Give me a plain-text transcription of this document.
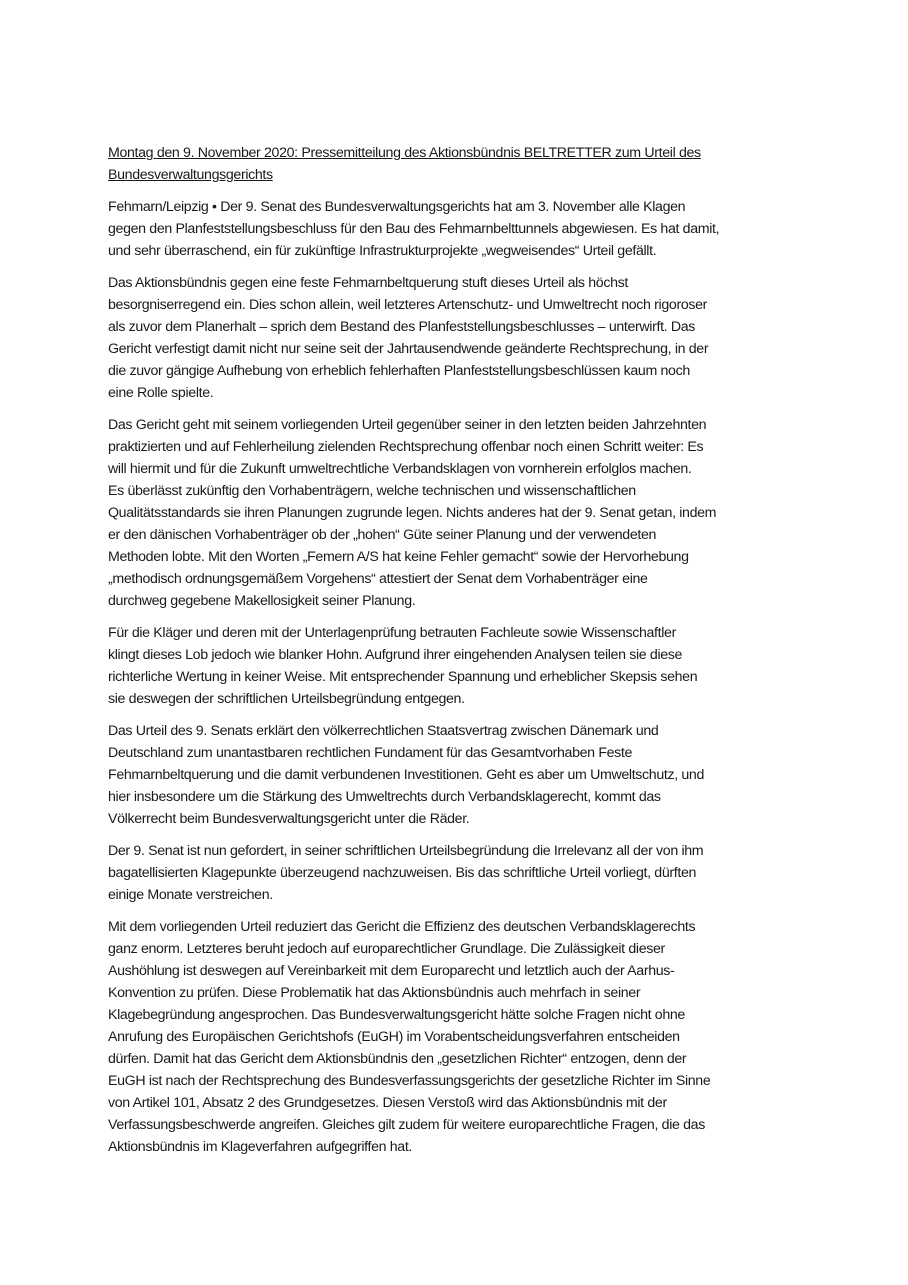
Montag den 9. November 2020: Pressemitteilung des Aktionsbündnis BELTRETTER zum Urteil des
Bundesverwaltungsgerichts

Fehmarn/Leipzig • Der 9. Senat des Bundesverwaltungsgerichts hat am 3. November alle Klagen
gegen den Planfeststellungsbeschluss für den Bau des Fehmarnbelttunnels abgewiesen. Es hat damit,
und sehr überraschend, ein für zukünftige Infrastrukturprojekte „wegweisendes“ Urteil gefällt.

Das Aktionsbündnis gegen eine feste Fehmarnbeltquerung stuft dieses Urteil als höchst
besorgniserregend ein. Dies schon allein, weil letzteres Artenschutz- und Umweltrecht noch rigoroser
als zuvor dem Planerhalt – sprich dem Bestand des Planfeststellungsbeschlusses – unterwirft. Das
Gericht verfestigt damit nicht nur seine seit der Jahrtausendwende geänderte Rechtsprechung, in der
die zuvor gängige Aufhebung von erheblich fehlerhaften Planfeststellungsbeschlüssen kaum noch
eine Rolle spielte.

Das Gericht geht mit seinem vorliegenden Urteil gegenüber seiner in den letzten beiden Jahrzehnten
praktizierten und auf Fehlerheilung zielenden Rechtsprechung offenbar noch einen Schritt weiter: Es
will hiermit und für die Zukunft umweltrechtliche Verbandsklagen von vornherein erfolglos machen.
Es überlässt zukünftig den Vorhabenträgern, welche technischen und wissenschaftlichen
Qualitätsstandards sie ihren Planungen zugrunde legen. Nichts anderes hat der 9. Senat getan, indem
er den dänischen Vorhabenträger ob der „hohen“ Güte seiner Planung und der verwendeten
Methoden lobte. Mit den Worten „Femern A/S hat keine Fehler gemacht“ sowie der Hervorhebung
„methodisch ordnungsgemäßem Vorgehens“ attestiert der Senat dem Vorhabenträger eine
durchweg gegebene Makellosigkeit seiner Planung.

Für die Kläger und deren mit der Unterlagenprüfung betrauten Fachleute sowie Wissenschaftler
klingt dieses Lob jedoch wie blanker Hohn. Aufgrund ihrer eingehenden Analysen teilen sie diese
richterliche Wertung in keiner Weise. Mit entsprechender Spannung und erheblicher Skepsis sehen
sie deswegen der schriftlichen Urteilsbegründung entgegen.

Das Urteil des 9. Senats erklärt den völkerrechtlichen Staatsvertrag zwischen Dänemark und
Deutschland zum unantastbaren rechtlichen Fundament für das Gesamtvorhaben Feste
Fehmarnbeltquerung und die damit verbundenen Investitionen. Geht es aber um Umweltschutz, und
hier insbesondere um die Stärkung des Umweltrechts durch Verbandsklagerecht, kommt das
Völkerrecht beim Bundesverwaltungsgericht unter die Räder.

Der 9. Senat ist nun gefordert, in seiner schriftlichen Urteilsbegründung die Irrelevanz all der von ihm
bagatellisierten Klagepunkte überzeugend nachzuweisen. Bis das schriftliche Urteil vorliegt, dürften
einige Monate verstreichen.

Mit dem vorliegenden Urteil reduziert das Gericht die Effizienz des deutschen Verbandsklagerechts
ganz enorm. Letzteres beruht jedoch auf europarechtlicher Grundlage. Die Zulässigkeit dieser
Aushöhlung ist deswegen auf Vereinbarkeit mit dem Europarecht und letztlich auch der Aarhus-
Konvention zu prüfen. Diese Problematik hat das Aktionsbündnis auch mehrfach in seiner
Klagebegründung angesprochen. Das Bundesverwaltungsgericht hätte solche Fragen nicht ohne
Anrufung des Europäischen Gerichtshofs (EuGH) im Vorabentscheidungsverfahren entscheiden
dürfen. Damit hat das Gericht dem Aktionsbündnis den „gesetzlichen Richter“ entzogen, denn der
EuGH ist nach der Rechtsprechung des Bundesverfassungsgerichts der gesetzliche Richter im Sinne
von Artikel 101, Absatz 2 des Grundgesetzes. Diesen Verstoß wird das Aktionsbündnis mit der
Verfassungsbeschwerde angreifen. Gleiches gilt zudem für weitere europarechtliche Fragen, die das
Aktionsbündnis im Klageverfahren aufgegriffen hat.
